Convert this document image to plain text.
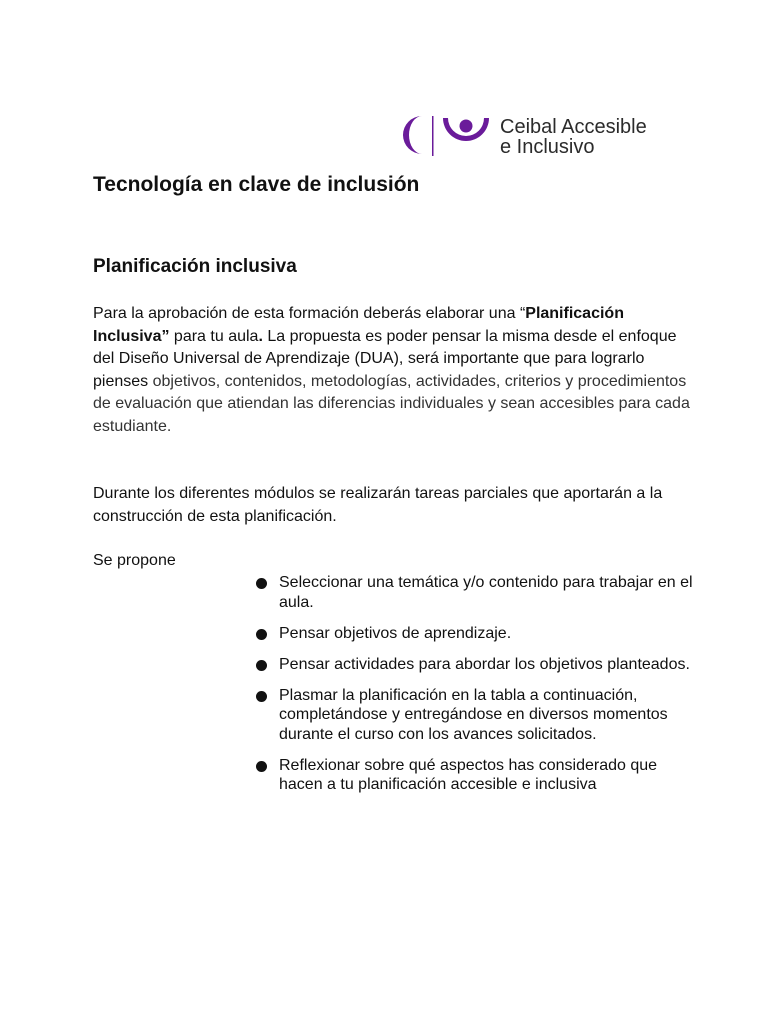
Ceibal Accesible
e Inclusivo
Tecnología en clave de inclusión
Planificación inclusiva

Para la aprobación de esta formación deberás elaborar una “Planificación Inclusiva” para tu aula. La propuesta es poder pensar la misma desde el enfoque del Diseño Universal de Aprendizaje (DUA), será importante que para lograrlo pienses objetivos, contenidos, metodologías, actividades, criterios y procedimientos de evaluación que atiendan las diferencias individuales y sean accesibles para cada estudiante.

Durante los diferentes módulos se realizarán tareas parciales que aportarán a la construcción de esta planificación.

Se propone

Seleccionar una temática y/o contenido para trabajar en el aula.
Pensar objetivos de aprendizaje.
Pensar actividades para abordar los objetivos planteados.
Plasmar la planificación en la tabla a continuación, completándose y entregándose en diversos momentos durante el curso con los avances solicitados.
Reflexionar sobre qué aspectos has considerado que hacen a tu planificación accesible e inclusiva
